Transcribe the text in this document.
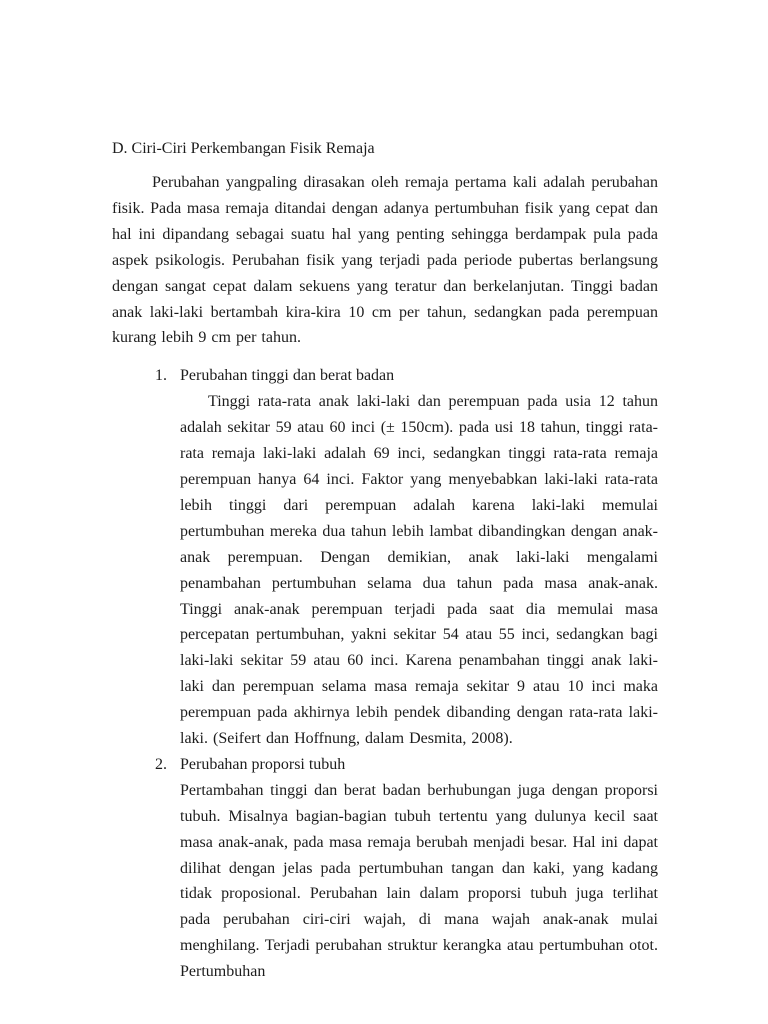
D. Ciri-Ciri Perkembangan Fisik Remaja

Perubahan yangpaling dirasakan oleh remaja pertama kali adalah perubahan fisik. Pada masa remaja ditandai dengan adanya pertumbuhan fisik yang cepat dan hal ini dipandang sebagai suatu hal yang penting sehingga berdampak pula pada aspek psikologis. Perubahan fisik yang terjadi pada periode pubertas berlangsung dengan sangat cepat dalam sekuens yang teratur dan berkelanjutan. Tinggi badan anak laki-laki bertambah kira-kira 10 cm per tahun, sedangkan pada perempuan kurang lebih 9 cm per tahun.

1. Perubahan tinggi dan berat badan

Tinggi rata-rata anak laki-laki dan perempuan pada usia 12 tahun adalah sekitar 59 atau 60 inci (± 150cm). pada usi 18 tahun, tinggi rata-rata remaja laki-laki adalah 69 inci, sedangkan tinggi rata-rata remaja perempuan hanya 64 inci. Faktor yang menyebabkan laki-laki rata-rata lebih tinggi dari perempuan adalah karena laki-laki memulai pertumbuhan mereka dua tahun lebih lambat dibandingkan dengan anak-anak perempuan. Dengan demikian, anak laki-laki mengalami penambahan pertumbuhan selama dua tahun pada masa anak-anak. Tinggi anak-anak perempuan terjadi pada saat dia memulai masa percepatan pertumbuhan, yakni sekitar 54 atau 55 inci, sedangkan bagi laki-laki sekitar 59 atau 60 inci. Karena penambahan tinggi anak laki-laki dan perempuan selama masa remaja sekitar 9 atau 10 inci maka perempuan pada akhirnya lebih pendek dibanding dengan rata-rata laki-laki. (Seifert dan Hoffnung, dalam Desmita, 2008).

2. Perubahan proporsi tubuh

Pertambahan tinggi dan berat badan berhubungan juga dengan proporsi tubuh. Misalnya bagian-bagian tubuh tertentu yang dulunya kecil saat masa anak-anak, pada masa remaja berubah menjadi besar. Hal ini dapat dilihat dengan jelas pada pertumbuhan tangan dan kaki, yang kadang tidak proposional. Perubahan lain dalam proporsi tubuh juga terlihat pada perubahan ciri-ciri wajah, di mana wajah anak-anak mulai menghilang. Terjadi perubahan struktur kerangka atau pertumbuhan otot. Pertumbuhan
